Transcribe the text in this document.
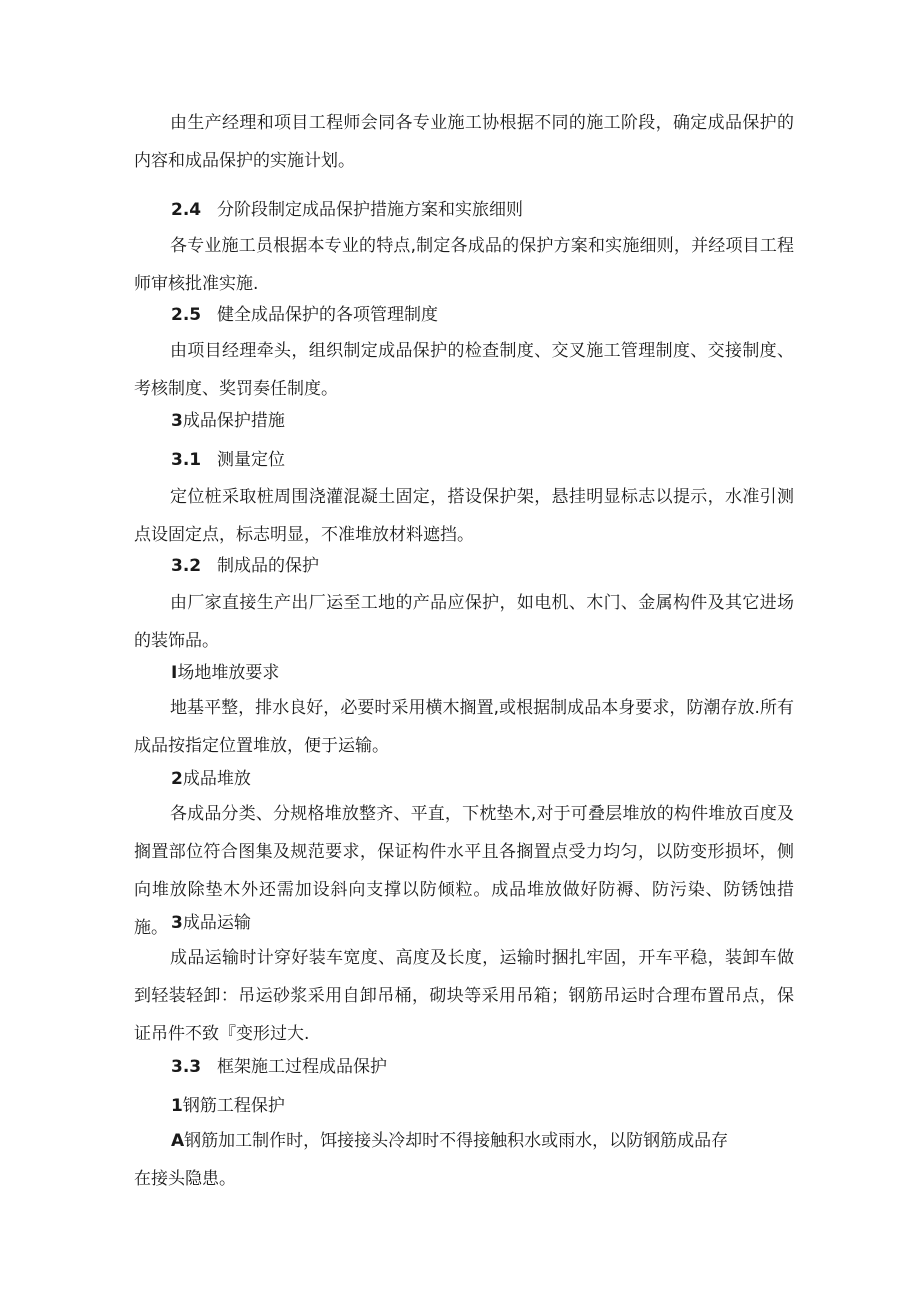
由生产经理和项目工程师会同各专业施工协根据不同的施工阶段，确定成品保护的内容和成品保护的实施计划。

2.4 分阶段制定成品保护措施方案和实旅细则

各专业施工员根据本专业的特点,制定各成品的保护方案和实施细则，并经项目工程师审核批准实施.

2.5 健全成品保护的各项管理制度

由项目经理牵头，组织制定成品保护的检查制度、交叉施工管理制度、交接制度、考核制度、奖罚奏任制度。

3成品保护措施
3.1 测量定位

定位桩采取桩周围浇灌混凝土固定，搭设保护架，悬挂明显标志以提示，水准引测点设固定点，标志明显，不准堆放材料遮挡。

3.2 制成品的保护

由厂家直接生产出厂运至工地的产品应保护，如电机、木门、金属构件及其它进场的装饰品。

I场地堆放要求

地基平整，排水良好，必要时采用横木搁置,或根据制成品本身要求，防潮存放.所有成品按指定位置堆放，便于运输。

2成品堆放

各成品分类、分规格堆放整齐、平直，下枕垫木,对于可叠层堆放的构件堆放百度及搁置部位符合图集及规范要求，保证构件水平且各搁置点受力均匀，以防变形损坏，侧向堆放除垫木外还需加设斜向支撑以防倾粒。成品堆放做好防褥、防污染、防锈蚀措施。 3成品运输

成品运输时计穿好装车宽度、高度及长度，运输时捆扎牢固，开车平稳，装卸车做到轻装轻卸：吊运砂浆采用自卸吊桶，砌块等采用吊箱；钢筋吊运时合理布置吊点，保证吊件不致『变形过大.

3.3 框架施工过程成品保护
1钢筋工程保护
A钢筋加工制作时，饵接接头冷却时不得接触积水或雨水，以防钢筋成品存
在接头隐患。
